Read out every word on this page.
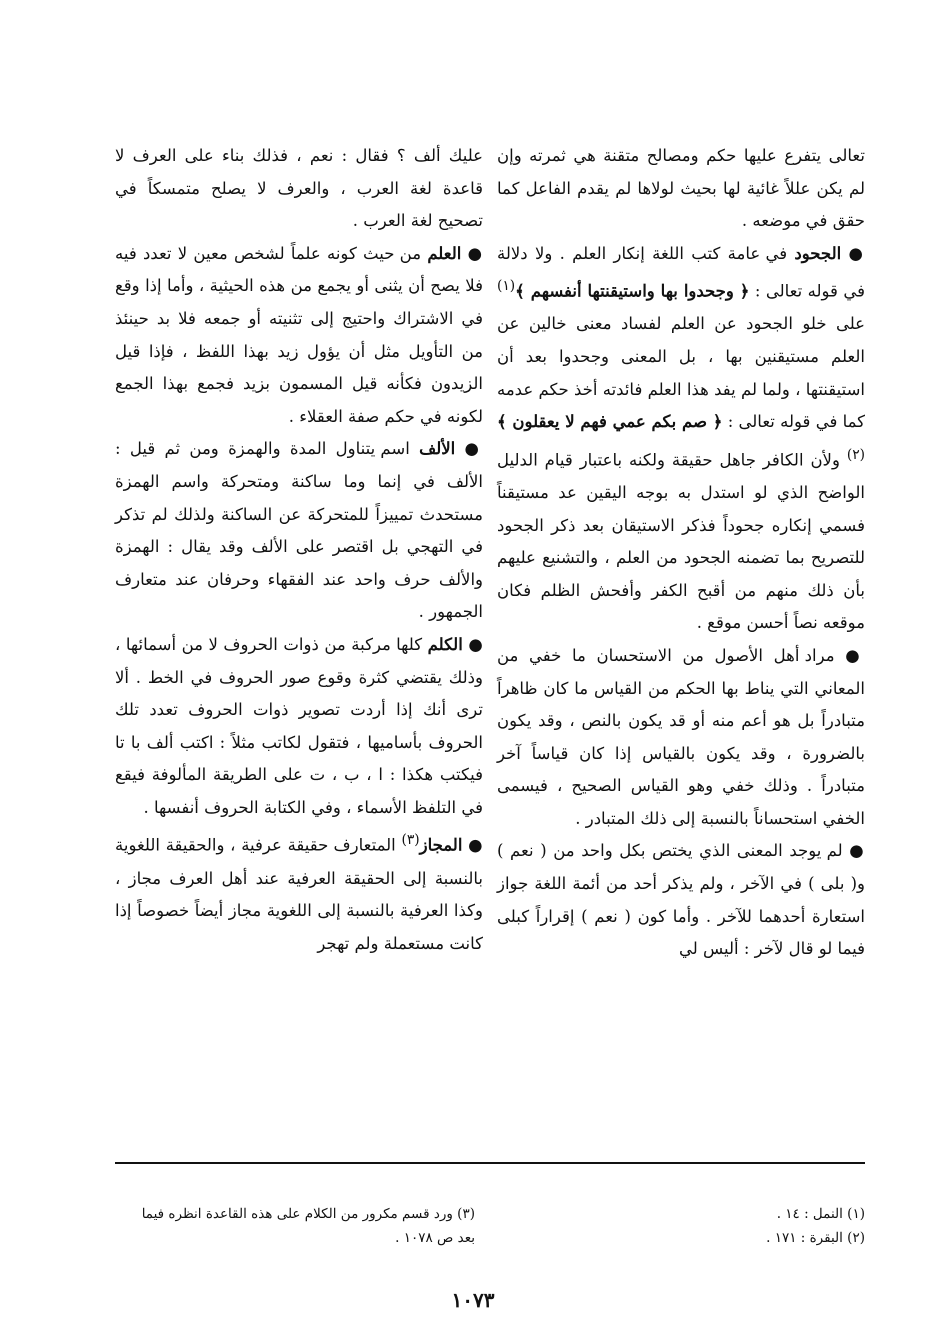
تعالى يتفرع عليها حكم ومصالح متقنة هي ثمرته وإن لم يكن عللاً غائية لها بحيث لولاها لم يقدم الفاعل كما حقق في موضعه .

● الجحود في عامة كتب اللغة إنكار العلم . ولا دلالة في قوله تعالى : ﴿ وجحدوا بها واستيقنتها أنفسهم ﴾$^{(١)}$ على خلو الجحود عن العلم لفساد معنى خالين عن العلم مستيقنين بها ، بل المعنى وجحدوا بعد أن استيقنتها ، ولما لم يفد هذا العلم فائدته أخذ حكم عدمه كما في قوله تعالى : ﴿ صم بكم عمي فهم لا يعقلون ﴾$^{(٢)}$ ولأن الكافر جاهل حقيقة ولكنه باعتبار قيام الدليل الواضح الذي لو استدل به بوجه اليقين عد مستيقناً فسمي إنكاره جحوداً فذكر الاستيقان بعد ذكر الجحود للتصريح بما تضمنه الجحود من العلم ، والتشنيع عليهم بأن ذلك منهم من أقبح الكفر وأفحش الظلم فكان موقعه نصاً أحسن موقع .

● مراد أهل الأصول من الاستحسان ما خفي من المعاني التي يناط بها الحكم من القياس ما كان ظاهراً متبادراً بل هو أعم منه أو قد يكون بالنص ، وقد يكون بالضرورة ، وقد يكون بالقياس إذا كان قياساً آخر متبادراً . وذلك خفي وهو القياس الصحيح ، فيسمى الخفي استحساناً بالنسبة إلى ذلك المتبادر .

● لم يوجد المعنى الذي يختص بكل واحد من ( نعم ) و( بلى ) في الآخر ، ولم يذكر أحد من أئمة اللغة جواز استعارة أحدهما للآخر . وأما كون ( نعم ) إقراراً كبلى فيما لو قال لآخر : أليس لي

عليك ألف ؟ فقال : نعم ، فذلك بناء على العرف لا قاعدة لغة العرب ، والعرف لا يصلح متمسكاً في تصحيح لغة العرب .

● العلم من حيث كونه علماً لشخص معين لا تعدد فيه فلا يصح أن يثنى أو يجمع من هذه الحيثية ، وأما إذا وقع في الاشتراك واحتيج إلى تثنيته أو جمعه فلا بد حينئذ من التأويل مثل أن يؤول زيد بهذا اللفظ ، فإذا قيل الزيدون فكأنه قيل المسمون بزيد فجمع بهذا الجمع لكونه في حكم صفة العقلاء .

● الألف اسم يتناول المدة والهمزة ومن ثم قيل : الألف في إنما وما ساكنة ومتحركة واسم الهمزة مستحدث تمييزاً للمتحركة عن الساكنة ولذلك لم تذكر في التهجي بل اقتصر على الألف وقد يقال : الهمزة والألف حرف واحد عند الفقهاء وحرفان عند متعارف الجمهور .

● الكلم كلها مركبة من ذوات الحروف لا من أسمائها ، وذلك يقتضي كثرة وقوع صور الحروف في الخط . ألا ترى أنك إذا أردت تصوير ذوات الحروف تعدد تلك الحروف بأساميها ، فتقول لكاتب مثلاً : اكتب ألف با تا فيكتب هكذا : ا ، ب ، ت على الطريقة المألوفة فيقع في التلفظ الأسماء ، وفي الكتابة الحروف أنفسها .

● المجاز$^{(٣)}$ المتعارف حقيقة عرفية ، والحقيقة اللغوية بالنسبة إلى الحقيقة العرفية عند أهل العرف مجاز ، وكذا العرفية بالنسبة إلى اللغوية مجاز أيضاً خصوصاً إذا كانت مستعملة ولم تهجر

(١) النمل : ١٤ .
(٢) البقرة : ١٧١ .
(٣) ورد قسم مكرور من الكلام على هذه القاعدة انظره فيما
بعد ص ١٠٧٨ .
١٠٧٣
